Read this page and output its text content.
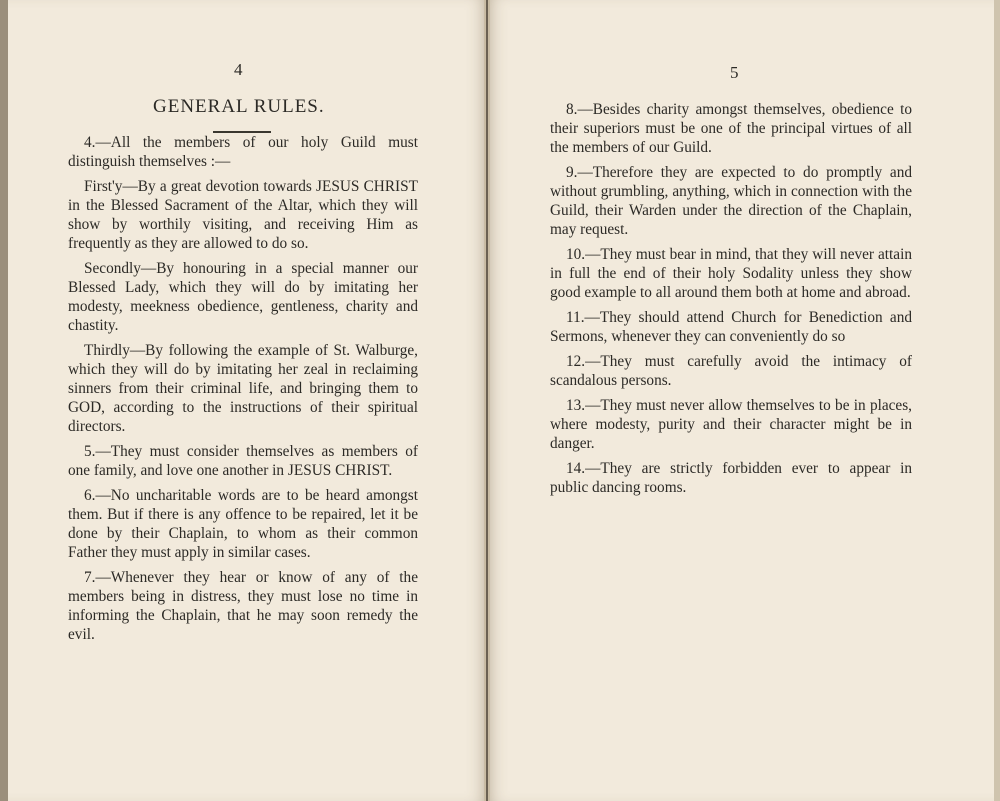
4
GENERAL RULES.

4.—All the members of our holy Guild must distinguish themselves :—

First'y—By a great devotion towards JESUS CHRIST in the Blessed Sacrament of the Altar, which they will show by worthily visiting, and receiving Him as frequently as they are allowed to do so.

Secondly—By honouring in a special manner our Blessed Lady, which they will do by imitating her modesty, meekness obedience, gentleness, charity and chastity.

Thirdly—By following the example of St. Walburge, which they will do by imitating her zeal in reclaiming sinners from their criminal life, and bringing them to GOD, according to the instructions of their spiritual directors.

5.—They must consider themselves as members of one family, and love one another in JESUS CHRIST.

6.—No uncharitable words are to be heard amongst them. But if there is any offence to be repaired, let it be done by their Chaplain, to whom as their common Father they must apply in similar cases.

7.—Whenever they hear or know of any of the members being in distress, they must lose no time in informing the Chaplain, that he may soon remedy the evil.

5

8.—Besides charity amongst themselves, obedience to their superiors must be one of the principal virtues of all the members of our Guild.

9.—Therefore they are expected to do promptly and without grumbling, anything, which in connection with the Guild, their Warden under the direction of the Chaplain, may request.

10.—They must bear in mind, that they will never attain in full the end of their holy Sodality unless they show good example to all around them both at home and abroad.

11.—They should attend Church for Benediction and Sermons, whenever they can conveniently do so

12.—They must carefully avoid the intimacy of scandalous persons.

13.—They must never allow themselves to be in places, where modesty, purity and their character might be in danger.

14.—They are strictly forbidden ever to appear in public dancing rooms.
